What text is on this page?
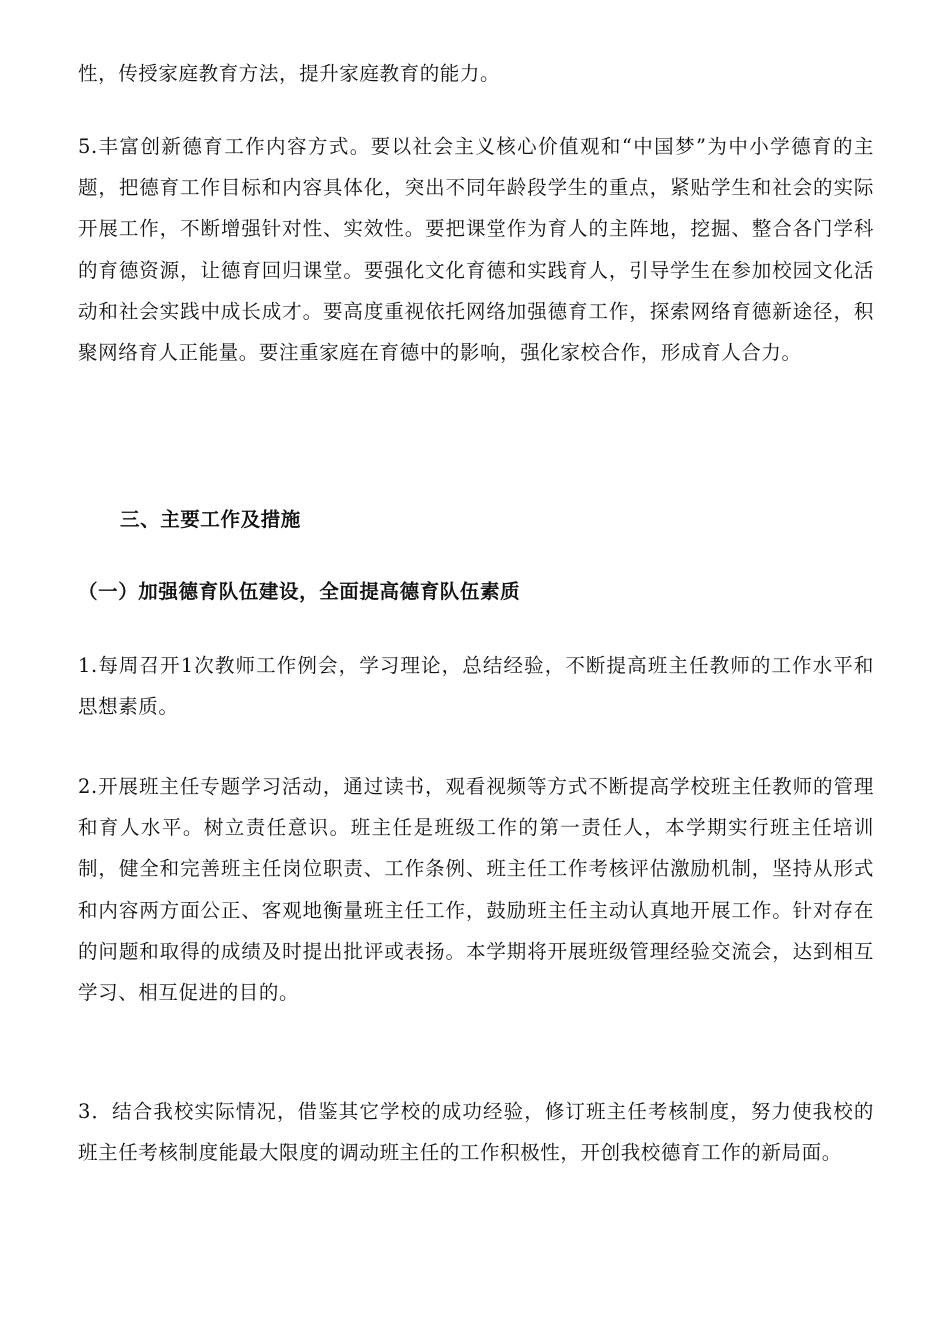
性，传授家庭教育方法，提升家庭教育的能力。

5.丰富创新德育工作内容方式。要以社会主义核心价值观和“中国梦”为中小学德育的主题，把德育工作目标和内容具体化，突出不同年龄段学生的重点，紧贴学生和社会的实际开展工作，不断增强针对性、实效性。要把课堂作为育人的主阵地，挖掘、整合各门学科的育德资源，让德育回归课堂。要强化文化育德和实践育人，引导学生在参加校园文化活动和社会实践中成长成才。要高度重视依托网络加强德育工作，探索网络育德新途径，积聚网络育人正能量。要注重家庭在育德中的影响，强化家校合作，形成育人合力。

三、主要工作及措施
（一）加强德育队伍建设，全面提高德育队伍素质

1.每周召开1次教师工作例会，学习理论，总结经验，不断提高班主任教师的工作水平和思想素质。

2.开展班主任专题学习活动，通过读书，观看视频等方式不断提高学校班主任教师的管理和育人水平。树立责任意识。班主任是班级工作的第一责任人，本学期实行班主任培训制，健全和完善班主任岗位职责、工作条例、班主任工作考核评估激励机制，坚持从形式和内容两方面公正、客观地衡量班主任工作，鼓励班主任主动认真地开展工作。针对存在的问题和取得的成绩及时提出批评或表扬。本学期将开展班级管理经验交流会，达到相互学习、相互促进的目的。

3．结合我校实际情况，借鉴其它学校的成功经验，修订班主任考核制度，努力使我校的班主任考核制度能最大限度的调动班主任的工作积极性，开创我校德育工作的新局面。
